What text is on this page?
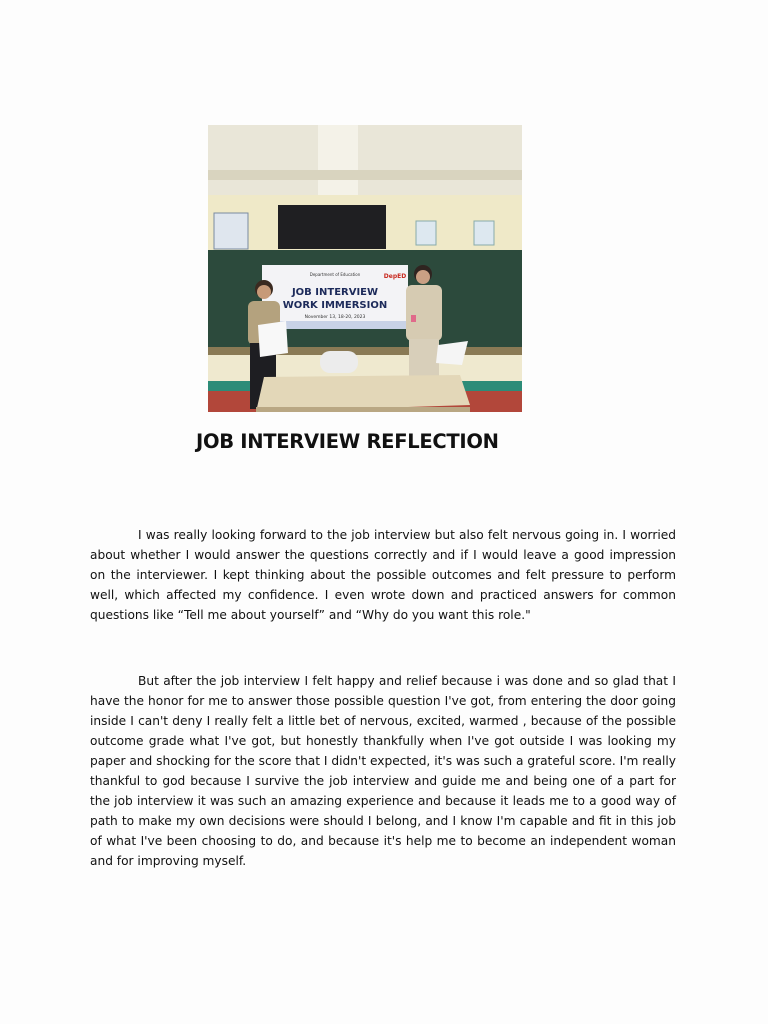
Department of Education	DepED
JOB INTERVIEW
WORK IMMERSION
November 13, 18-20, 2023
JOB INTERVIEW REFLECTION

I was really looking forward to the job interview but also felt nervous going in. I worried about whether I would answer the questions correctly and if I would leave a good impression on the interviewer. I kept thinking about the possible outcomes and felt pressure to perform well, which affected my confidence. I even wrote down and practiced answers for common questions like “Tell me about yourself” and “Why do you want this role."

But after the job interview I felt happy and relief because i was done and so glad that I have the honor for me to answer those possible question I've got, from entering the door going inside I can't deny I really felt a little bet of nervous, excited, warmed , because of the possible outcome grade what I've got, but honestly thankfully when I've got outside I was looking my paper and shocking for the score that I didn't expected, it's was such a grateful score. I'm really thankful to god because I survive the job interview and guide me and being one of a part for the job interview it was such an amazing experience and because it leads me to a good way of path to make my own decisions were should I belong, and I know I'm capable and fit in this job of what I've been choosing to do, and because it's help me to become an independent woman and for improving myself.
